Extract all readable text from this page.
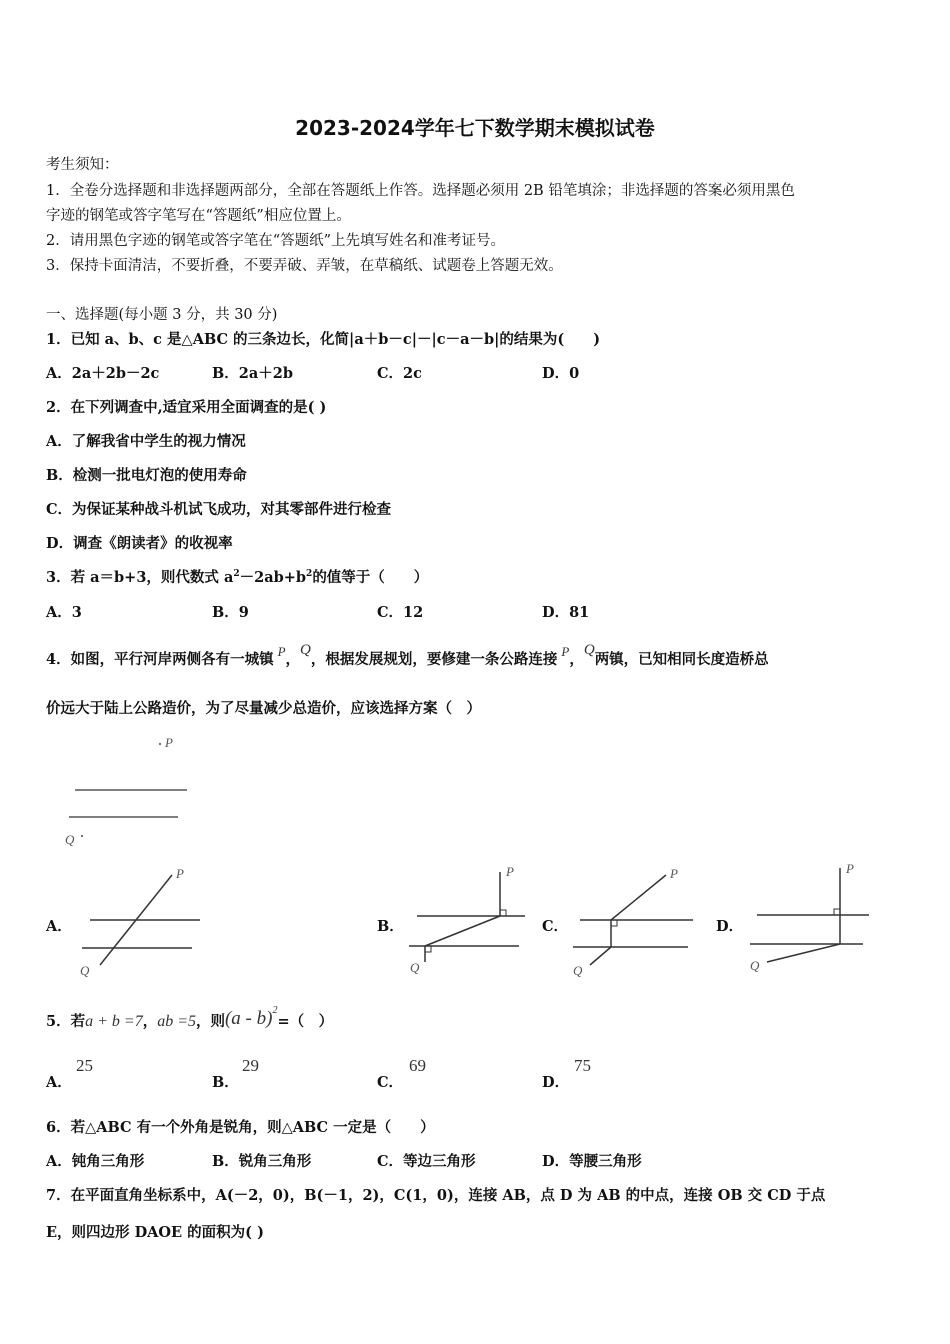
2023-2024学年七下数学期末模拟试卷
考生须知：
1．全卷分选择题和非选择题两部分，全部在答题纸上作答。选择题必须用 2B 铅笔填涂；非选择题的答案必须用黑色
字迹的钢笔或答字笔写在“答题纸”相应位置上。
2．请用黑色字迹的钢笔或答字笔在“答题纸”上先填写姓名和准考证号。
3．保持卡面清洁，不要折叠，不要弄破、弄皱，在草稿纸、试题卷上答题无效。
一、选择题(每小题 3 分，共 30 分)
1．已知 a、b、c 是△ABC 的三条边长，化简|a＋b－c|－|c－a－b|的结果为(　　)
A．2a＋2b－2c	B．2a＋2b	C．2c	D．0
2．在下列调查中,适宜采用全面调查的是( )
A．了解我省中学生的视力情况
B．检测一批电灯泡的使用寿命
C．为保证某种战斗机试飞成功，对其零部件进行检查
D．调查《朗读者》的收视率
3．若 a＝b+3，则代数式 $a^2-2ab+b^2$的值等于（　　）
A．3	B．9	C．12	D．81
4．如图，平行河岸两侧各有一城镇 P，Q，根据发展规划，要修建一条公路连接 P，Q两镇，已知相同长度造桥总
价远大于陆上公路造价，为了尽量减少总造价，应该选择方案（　）
P
Q
A．
P
Q
B．
P
Q
C．
P
Q
D．
P
Q
5．若a + b =7，ab =5，则(a - b)$^2$=（　）
A．
25
B．
29
C．
69
D．
75
6．若△ABC 有一个外角是锐角，则△ABC 一定是（　　）
A．钝角三角形	B．锐角三角形	C．等边三角形	D．等腰三角形
7．在平面直角坐标系中，A(－2，0)，B(－1，2)，C(1，0)，连接 AB，点 D 为 AB 的中点，连接 OB 交 CD 于点
E，则四边形 DAOE 的面积为( )
